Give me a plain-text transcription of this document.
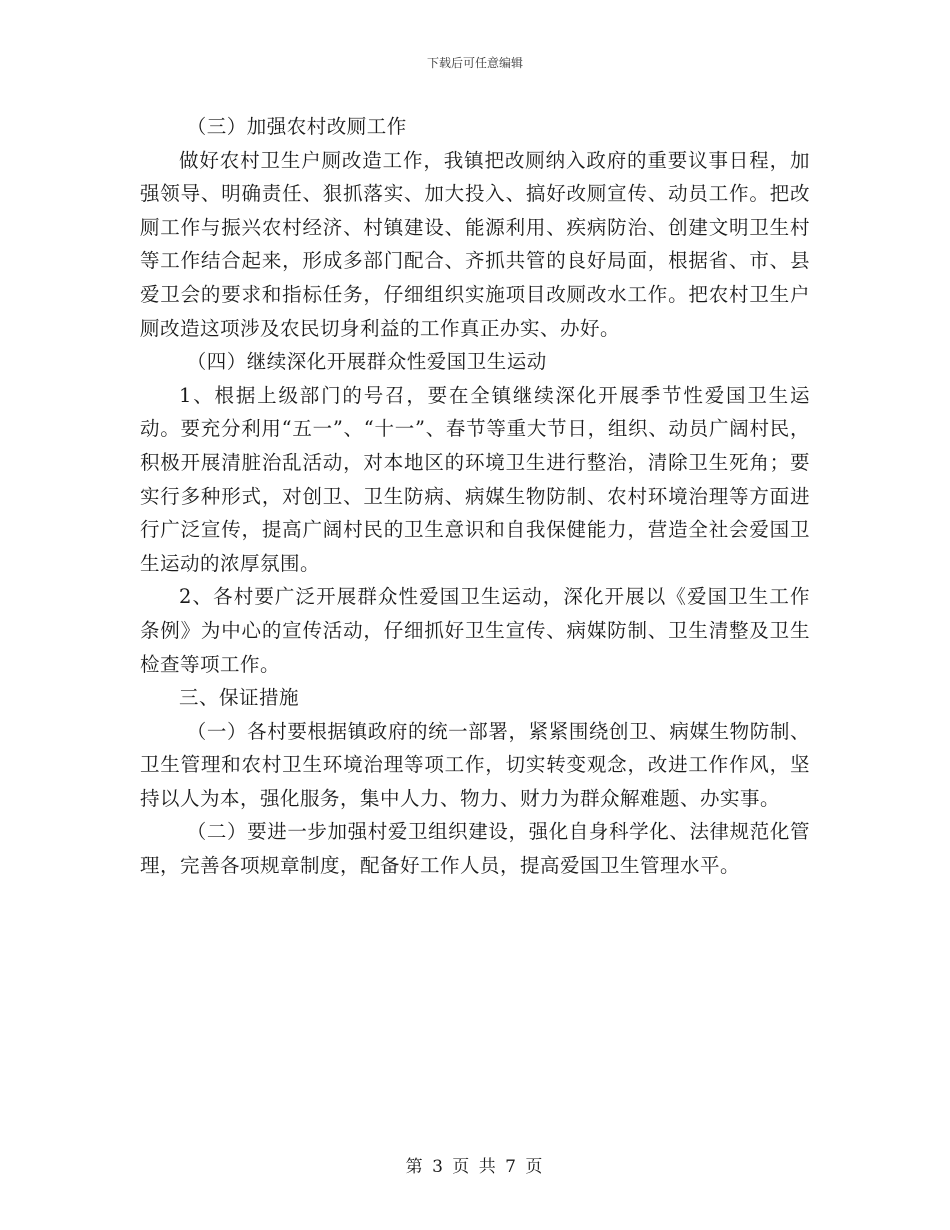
下载后可任意编辑

（三）加强农村改厕工作

做好农村卫生户厕改造工作，我镇把改厕纳入政府的重要议事日程，加强领导、明确责任、狠抓落实、加大投入、搞好改厕宣传、动员工作。把改厕工作与振兴农村经济、村镇建设、能源利用、疾病防治、创建文明卫生村等工作结合起来，形成多部门配合、齐抓共管的良好局面，根据省、市、县爱卫会的要求和指标任务，仔细组织实施项目改厕改水工作。把农村卫生户厕改造这项涉及农民切身利益的工作真正办实、办好。

（四）继续深化开展群众性爱国卫生运动

1、根据上级部门的号召，要在全镇继续深化开展季节性爱国卫生运动。要充分利用“五一”、“十一”、春节等重大节日，组织、动员广阔村民，积极开展清脏治乱活动，对本地区的环境卫生进行整治，清除卫生死角；要实行多种形式，对创卫、卫生防病、病媒生物防制、农村环境治理等方面进行广泛宣传，提高广阔村民的卫生意识和自我保健能力，营造全社会爱国卫生运动的浓厚氛围。

2、各村要广泛开展群众性爱国卫生运动，深化开展以《爱国卫生工作条例》为中心的宣传活动，仔细抓好卫生宣传、病媒防制、卫生清整及卫生检查等项工作。

三、保证措施

（一）各村要根据镇政府的统一部署，紧紧围绕创卫、病媒生物防制、卫生管理和农村卫生环境治理等项工作，切实转变观念，改进工作作风，坚持以人为本，强化服务，集中人力、物力、财力为群众解难题、办实事。

（二）要进一步加强村爱卫组织建设，强化自身科学化、法律规范化管理，完善各项规章制度，配备好工作人员，提高爱国卫生管理水平。

第 3 页 共 7 页
